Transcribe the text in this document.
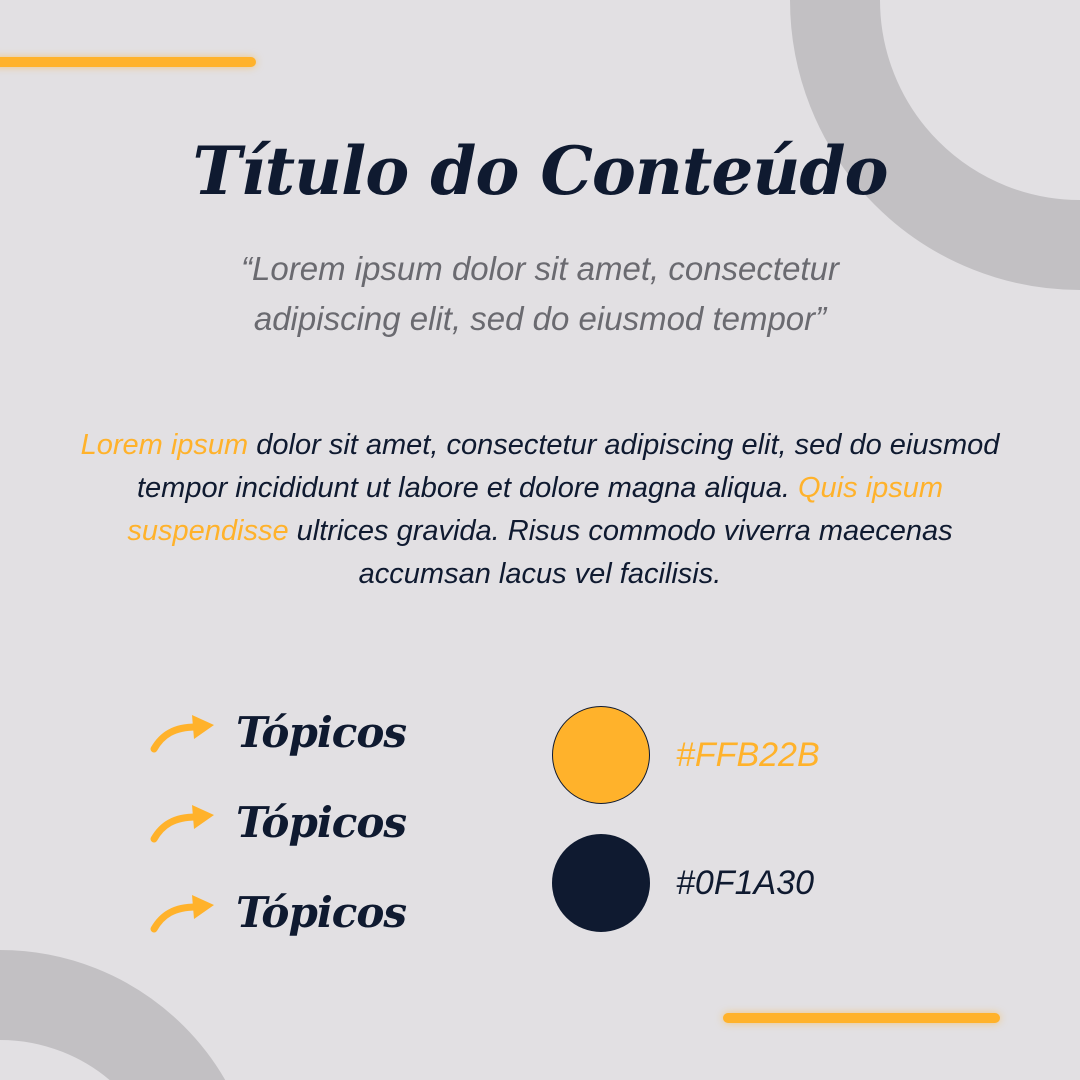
Título do Conteúdo
“Lorem ipsum dolor sit amet, consectetur
adipiscing elit, sed do eiusmod tempor”
Lorem ipsum dolor sit amet, consectetur adipiscing elit, sed do eiusmod tempor incididunt ut labore et dolore magna aliqua. Quis ipsum suspendisse ultrices gravida. Risus commodo viverra maecenas accumsan lacus vel facilisis.
Tópicos
Tópicos
Tópicos
#FFB22B
#0F1A30
